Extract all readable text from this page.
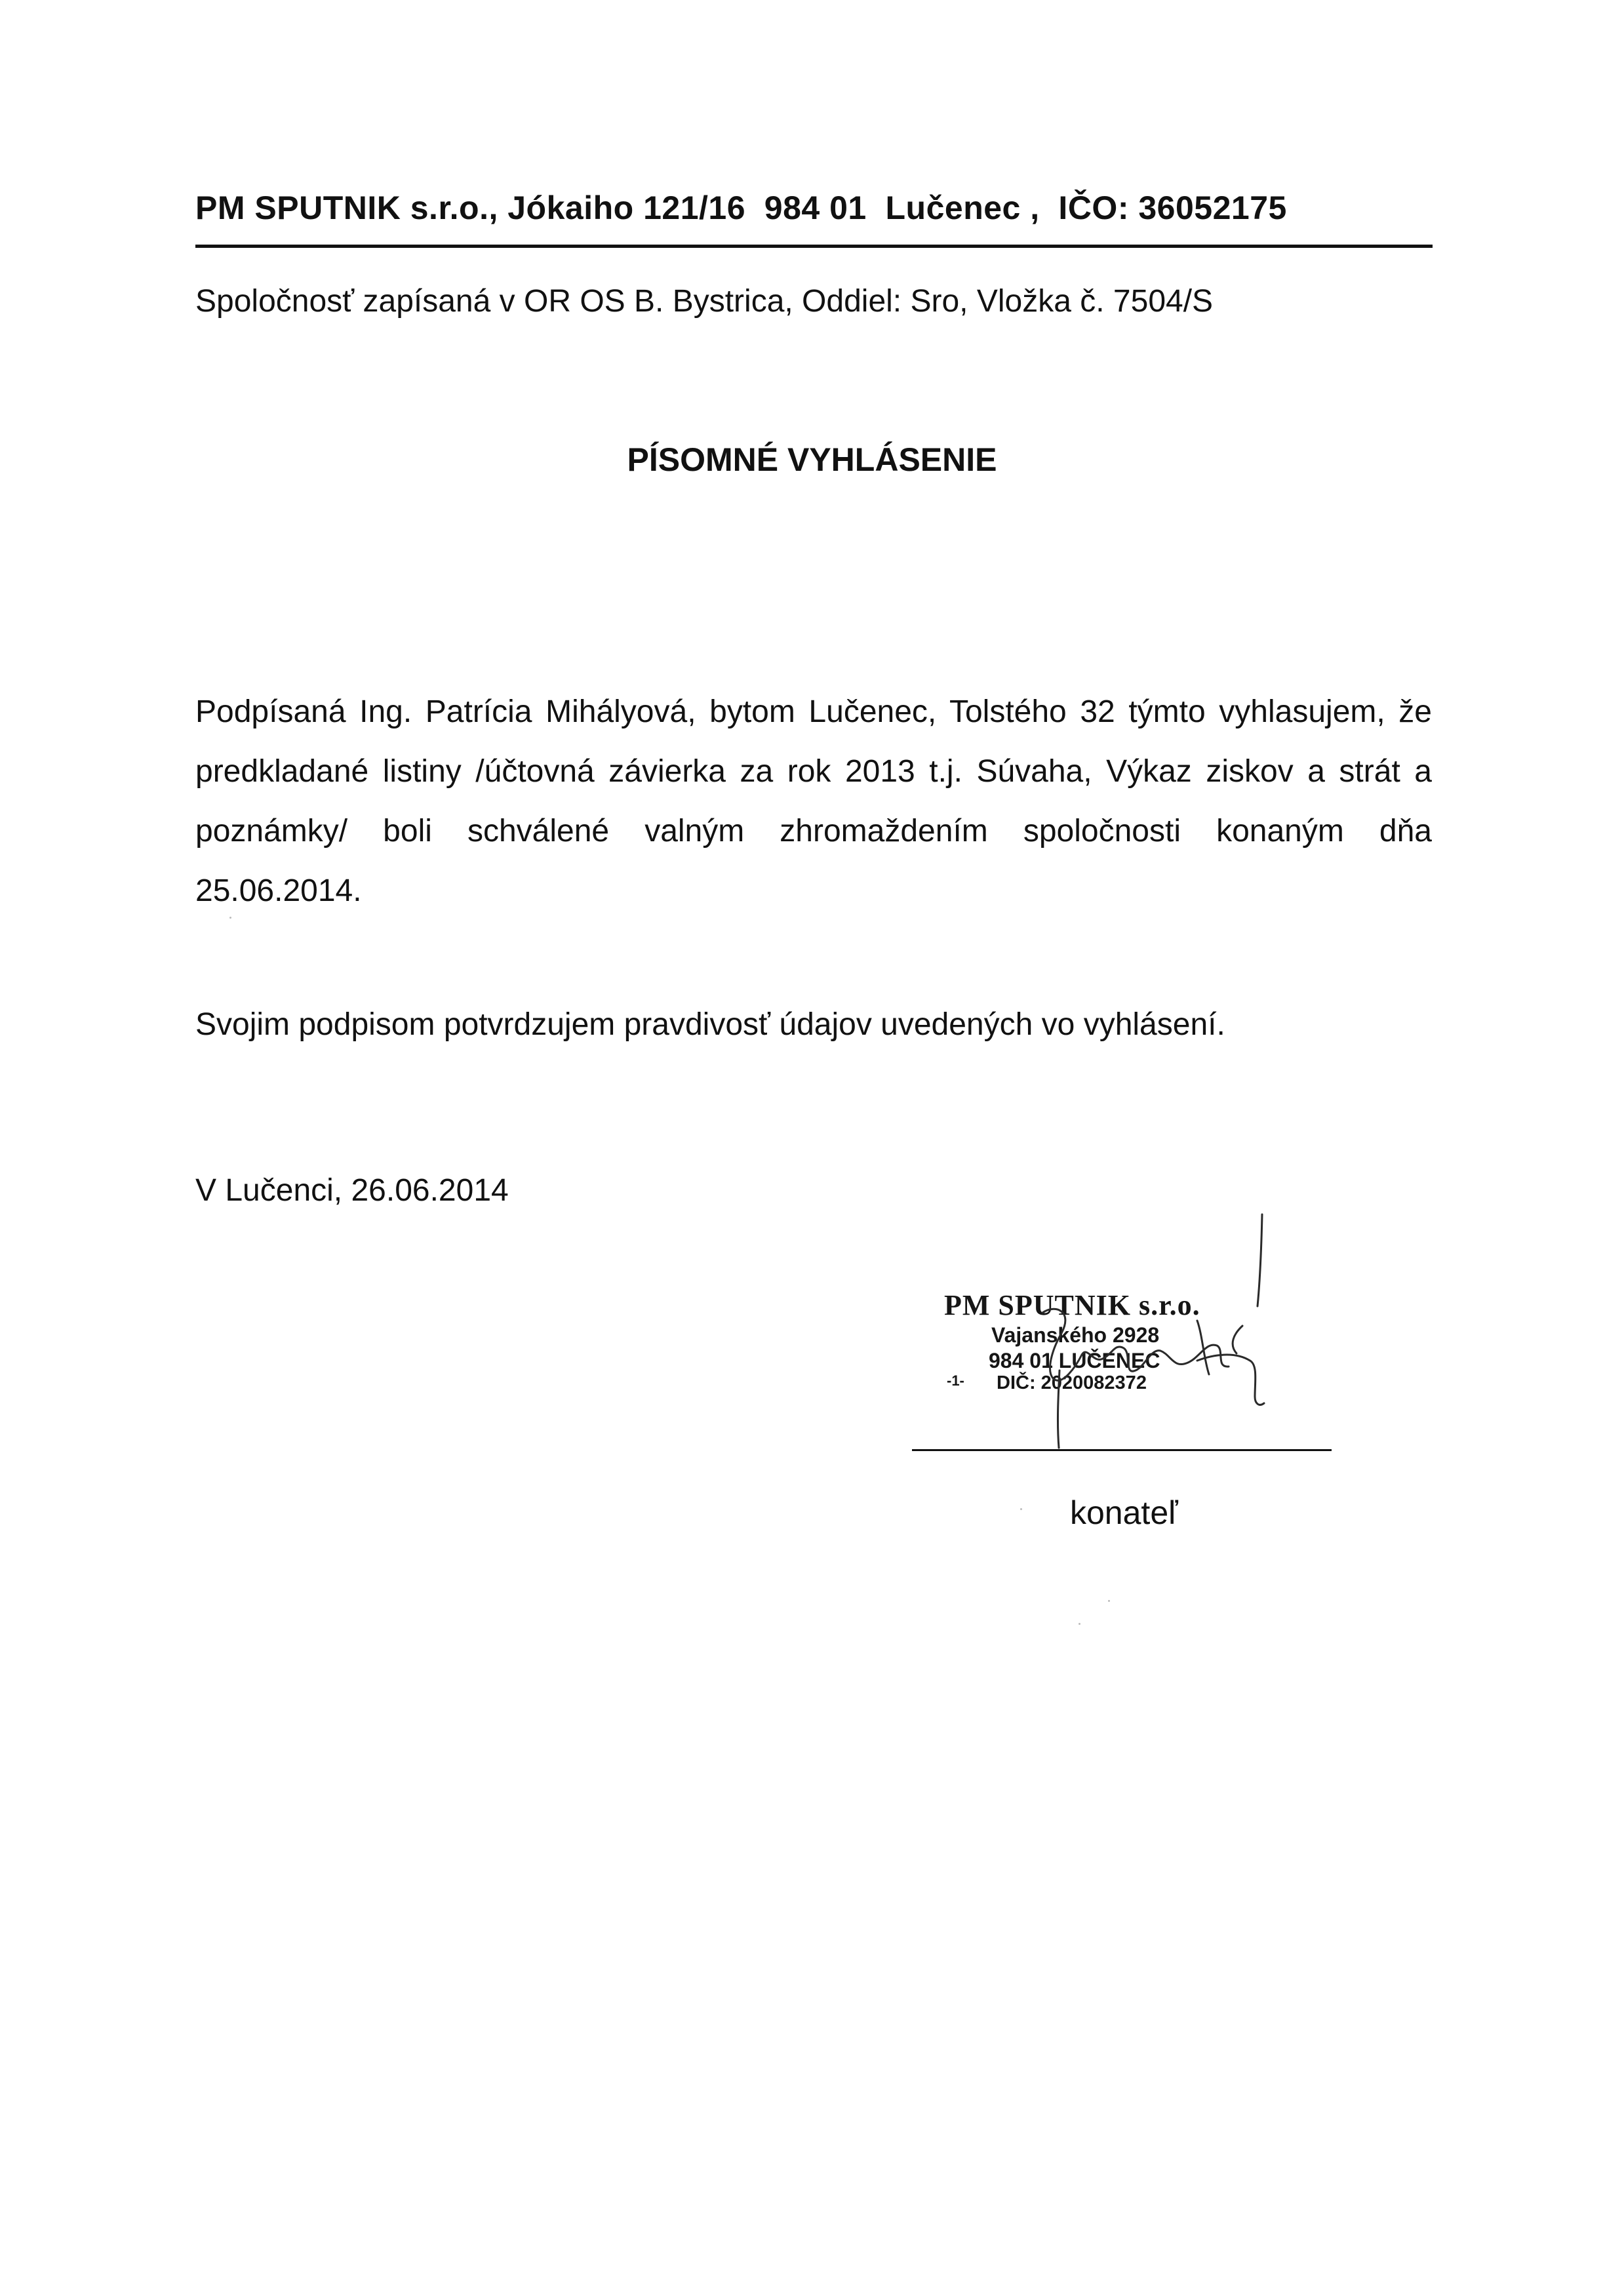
PM SPUTNIK s.r.o., Jókaiho 121/16  984 01  Lučenec ,  IČO: 36052175
Spoločnosť zapísaná v OR OS B. Bystrica, Oddiel: Sro, Vložka č. 7504/S
PÍSOMNÉ VYHLÁSENIE
Podpísaná Ing. Patrícia Mihályová, bytom Lučenec, Tolstého 32 týmto vyhlasujem, že predkladané listiny /účtovná závierka za rok 2013 t.j. Súvaha, Výkaz ziskov a strát a poznámky/ boli schválené valným zhromaždením spoločnosti konaným dňa 25.06.2014.
Svojim podpisom potvrdzujem pravdivosť údajov uvedených vo vyhlásení.
V Lučenci, 26.06.2014
PM SPUTNIK s.r.o.
Vajanského 2928
984 01 LUČENEC
-1- DIČ: 2020082372
konateľ
